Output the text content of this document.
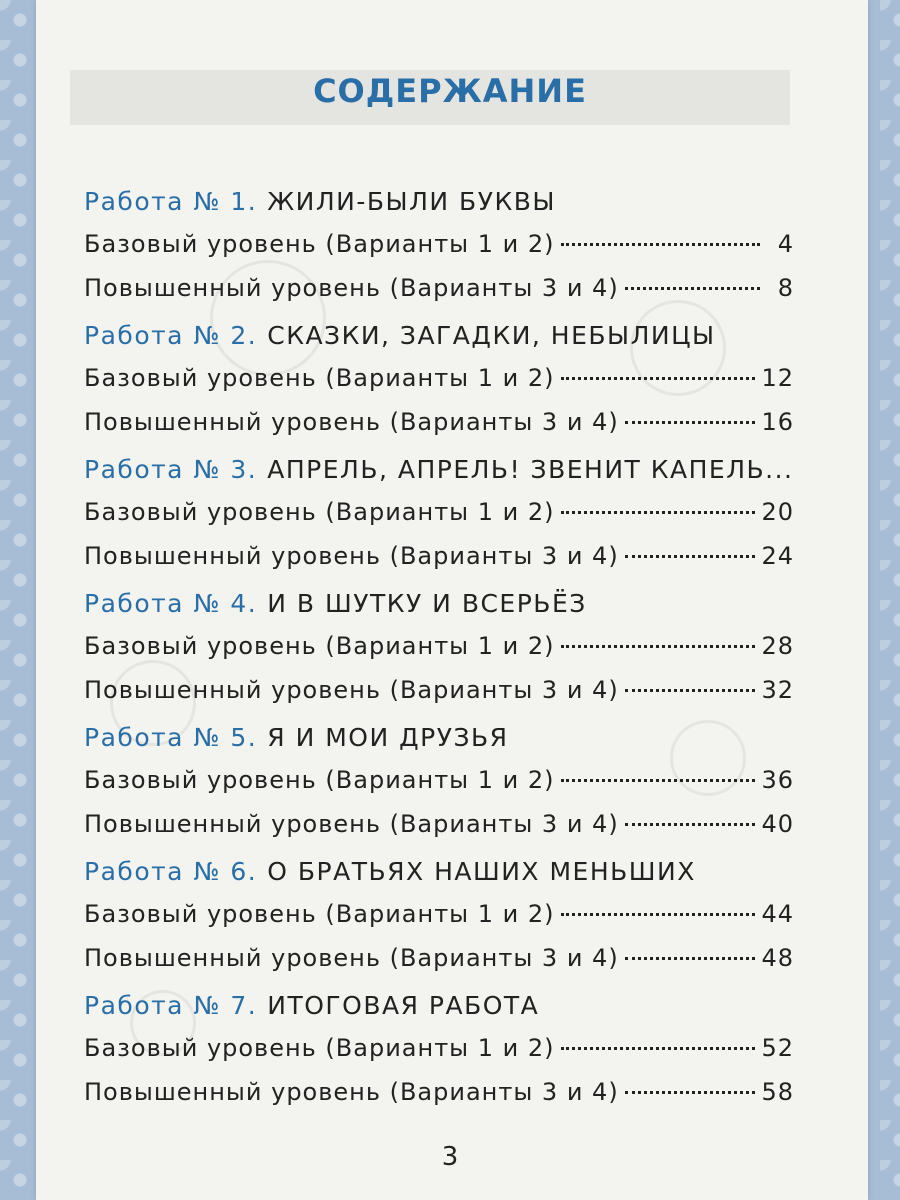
СОДЕРЖАНИЕ
Работа № 1. ЖИЛИ-БЫЛИ БУКВЫ
Базовый уровень (Варианты 1 и 2)	4
Повышенный уровень (Варианты 3 и 4)	8
Работа № 2. СКАЗКИ, ЗАГАДКИ, НЕБЫЛИЦЫ
Базовый уровень (Варианты 1 и 2)	12
Повышенный уровень (Варианты 3 и 4)	16
Работа № 3. АПРЕЛЬ, АПРЕЛЬ! ЗВЕНИТ КАПЕЛЬ...
Базовый уровень (Варианты 1 и 2)	20
Повышенный уровень (Варианты 3 и 4)	24
Работа № 4. И В ШУТКУ И ВСЕРЬЁЗ
Базовый уровень (Варианты 1 и 2)	28
Повышенный уровень (Варианты 3 и 4)	32
Работа № 5. Я И МОИ ДРУЗЬЯ
Базовый уровень (Варианты 1 и 2)	36
Повышенный уровень (Варианты 3 и 4)	40
Работа № 6. О БРАТЬЯХ НАШИХ МЕНЬШИХ
Базовый уровень (Варианты 1 и 2)	44
Повышенный уровень (Варианты 3 и 4)	48
Работа № 7. ИТОГОВАЯ РАБОТА
Базовый уровень (Варианты 1 и 2)	52
Повышенный уровень (Варианты 3 и 4)	58
3
